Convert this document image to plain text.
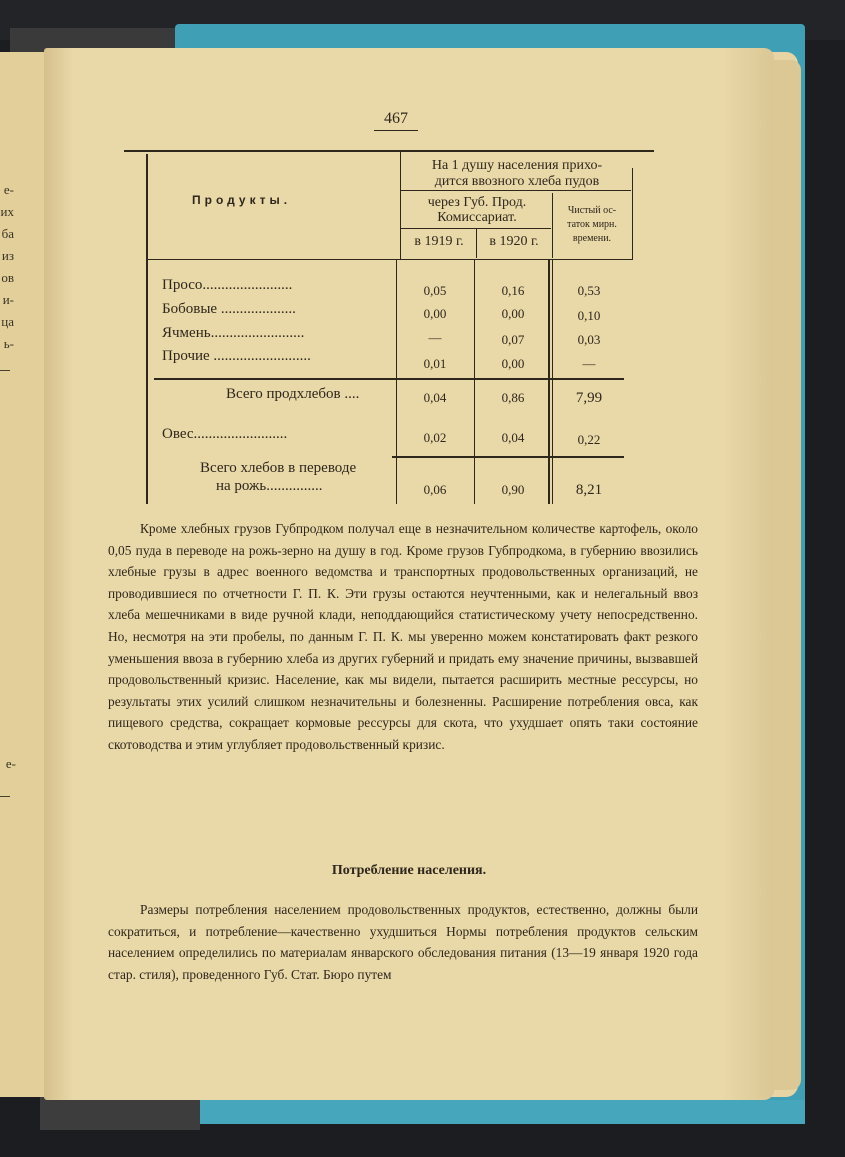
е-
их
ба
из
ов
и-
ца
ь-
е-
467
Продукты.
На 1 душу населения прихо-
дится ввозного хлеба пудов
через Губ. Прод.
Комиссариат.
в 1919 г.	в 1920 г.
Чистый ос-
таток мирн.
времени.
Просо........................	0,05	0,16	0,53
Бобовые ....................	0,00	0,00	0,10
Ячмень.........................	—	0,07	0,03
Прочие ..........................	0,01	0,00	—
Всего продхлебов ....	0,04	0,86	7,99
Овес.........................	0,02	0,04	0,22
Всего хлебов в переводе
на рожь...............	0,06	0,90	8,21

Кроме хлебных грузов Губпродком получал еще в незначительном количестве картофель, около 0,05 пуда в переводе на рожь-зерно на душу в год. Кроме грузов Губпродкома, в губернию ввозились хлебные грузы в адрес военного ведомства и транспортных продовольственных организаций, не проводившиеся по отчетности Г. П. К. Эти грузы остаются неучтенными, как и нелегальный ввоз хлеба мешечниками в виде ручной клади, неподдающийся статистическому учету непосредственно. Но, несмотря на эти пробелы, по данным Г. П. К. мы уверенно можем констатировать факт резкого уменьшения ввоза в губернию хлеба из других губерний и придать ему значение причины, вызвавшей продовольственный кризис. Население, как мы видели, пытается расширить местные рессурсы, но результаты этих усилий слишком незначительны и болезненны. Расширение потребления овса, как пищевого средства, сокращает кормовые рессурсы для скота, что ухудшает опять таки состояние скотоводства и этим углубляет продовольственный кризис.

Потребление населения.

Размеры потребления населением продовольственных продуктов, естественно, должны были сократиться, и потребление—качественно ухудшиться Нормы потребления продуктов сельским населением определились по материалам январского обследования питания (13—19 января 1920 года стар. стиля), проведенного Губ. Стат. Бюро путем
